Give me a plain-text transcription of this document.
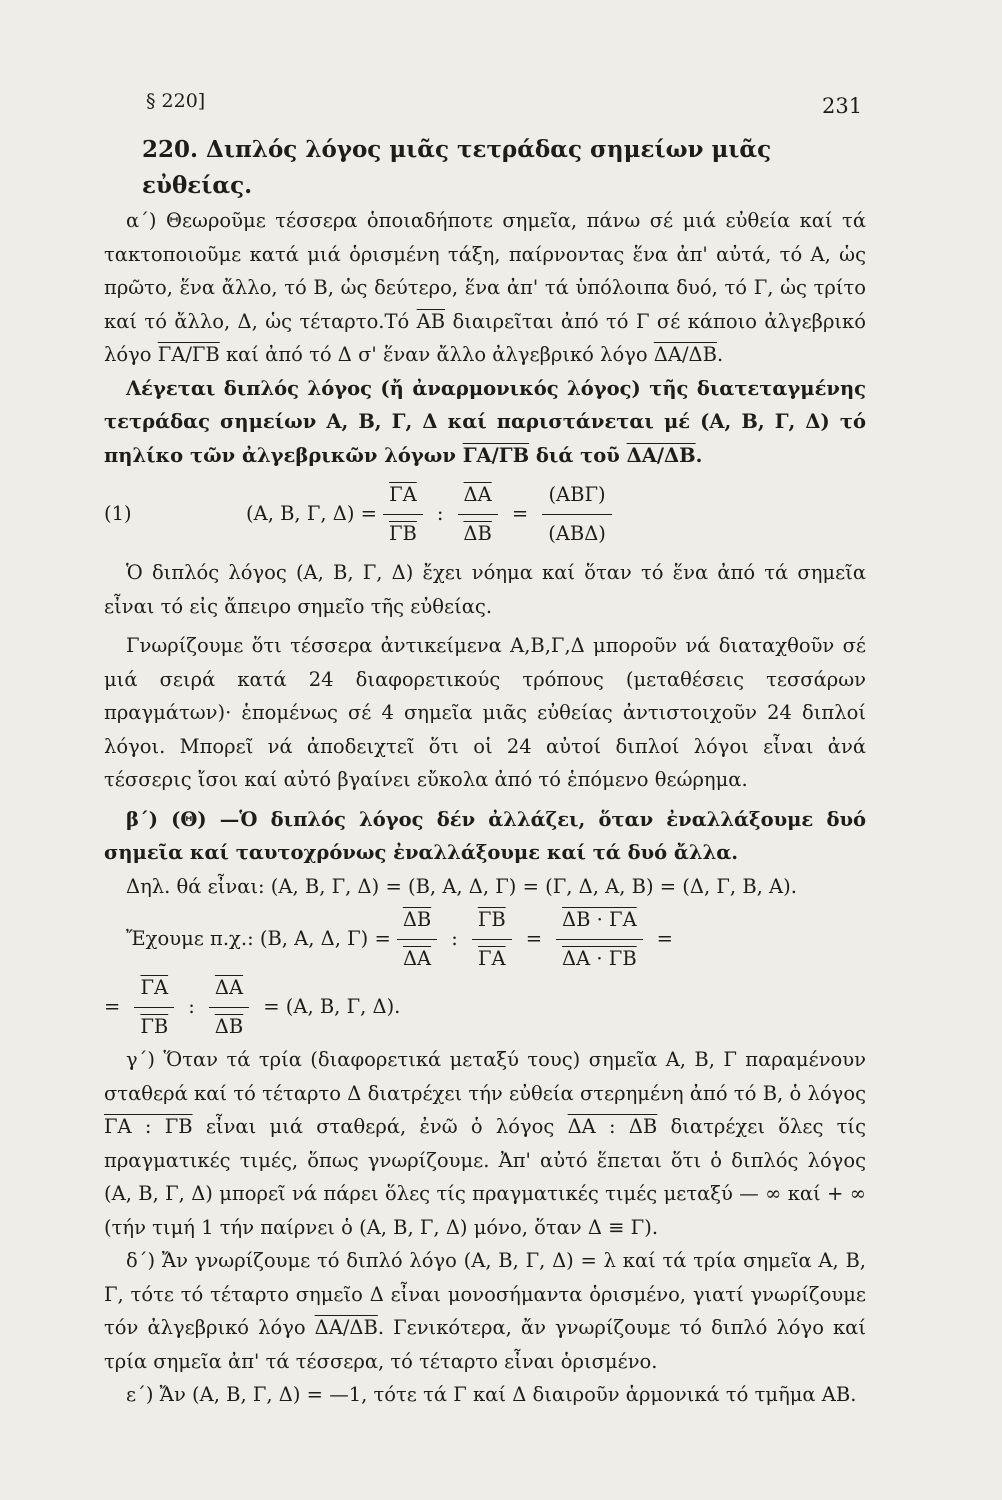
§ 220]	231
220. Διπλός λόγος μιᾶς τετράδας σημείων μιᾶς εὐθείας.

α΄) Θεωροῦμε τέσσερα ὁποιαδήποτε σημεῖα, πάνω σέ μιά εὐθεία καί τά τακτοποιοῦμε κατά μιά ὁρισμένη τάξη, παίρνοντας ἕνα ἀπ' αὐτά, τό Α, ὡς πρῶτο, ἕνα ἄλλο, τό Β, ὡς δεύτερο, ἕνα ἀπ' τά ὑπόλοιπα δυό, τό Γ, ὡς τρίτο καί τό ἄλλο, Δ, ὡς τέταρτο.Τό $\overline{AB}$ διαιρεῖται ἀπό τό Γ σέ κάποιο ἀλγεβρικό λόγο ΓΑ/ΓΒ καί ἀπό τό Δ σ' ἕναν ἄλλο ἀλγεβρικό λόγο ΔΑ/ΔΒ.

Λέγεται διπλός λόγος (ἤ ἀναρμονικός λόγος) τῆς διατεταγμένης τετράδας σημείων Α, Β, Γ, Δ καί παριστάνεται μέ (Α, Β, Γ, Δ) τό πηλίκο τῶν ἀλγεβρικῶν λόγων ΓΑ/ΓΒ διά τοῦ ΔΑ/ΔΒ.

(1)	(Α, Β, Γ, $\Delta) = \frac{\overline{\Gamma A}}{\Gamma B}$ : $\frac{\overline{\Delta A}}{\Delta B} = \frac{\text{(ΑΒΓ)}}{\text{(ΑΒΔ)}}$

Ὁ διπλός λόγος (Α, Β, Γ, Δ) ἔχει νόημα καί ὅταν τό ἕνα ἀπό τά σημεῖα εἶναι τό εἰς ἄπειρο σημεῖο τῆς εὐθείας.

Γνωρίζουμε ὅτι τέσσερα ἀντικείμενα Α,Β,Γ,Δ μποροῦν νά διαταχθοῦν σέ μιά σειρά κατά 24 διαφορετικούς τρόπους (μεταθέσεις τεσσάρων πραγμάτων)· ἑπομένως σέ 4 σημεῖα μιᾶς εὐθείας ἀντιστοιχοῦν 24 διπλοί λόγοι. Μπορεῖ νά ἀποδειχτεῖ ὅτι οἱ 24 αὐτοί διπλοί λόγοι εἶναι ἀνά τέσσερις ἴσοι καί αὐτό βγαίνει εὔκολα ἀπό τό ἑπόμενο θεώρημα.

β΄) (Θ) —Ὁ διπλός λόγος δέν ἀλλάζει, ὅταν ἐναλλάξουμε δυό σημεῖα καί ταυτοχρόνως ἐναλλάξουμε καί τά δυό ἄλλα.

Δηλ. θά εἶναι: (Α, Β, Γ, Δ) = (Β, Α, Δ, Γ) = (Γ, Δ, Α, Β) = (Δ, Γ, Β, Α).

Ἔχουμε π.χ.: (Β, Α, Δ, $\Gamma) = \frac{\overline{\Delta B}}{\Delta A}$ : $\frac{\overline{\Gamma B}}{\Gamma A} = \frac{\Delta B \cdot \Gamma A}{\Delta A \cdot \Gamma B}$ =
= $\frac{\overline{\Gamma A}}{\Gamma B}$ : $\frac{\overline{\Delta A}}{\Delta B} = (A$, Β, Γ, Δ).

γ΄) Ὅταν τά τρία (διαφορετικά μεταξύ τους) σημεῖα Α, Β, Γ παραμένουν σταθερά καί τό τέταρτο Δ διατρέχει τήν εὐθεία στερημένη ἀπό τό Β, ὁ λόγος ΓΑ : ΓΒ εἶναι μιά σταθερά, ἐνῶ ὁ λόγος ΔΑ : ΔΒ διατρέχει ὅλες τίς πραγματικές τιμές, ὅπως γνωρίζουμε. Ἀπ' αὐτό ἕπεται ὅτι ὁ διπλός λόγος (Α, Β, Γ, Δ) μπορεῖ νά πάρει ὅλες τίς πραγματικές τιμές μεταξύ — ∞ καί + ∞ (τήν τιμή 1 τήν παίρνει ὁ (Α, Β, Γ, Δ) μόνο, ὅταν Δ ≡ Γ).

δ΄) Ἄν γνωρίζουμε τό διπλό λόγο (Α, Β, Γ, Δ) = λ καί τά τρία σημεῖα Α, Β, Γ, τότε τό τέταρτο σημεῖο Δ εἶναι μονοσήμαντα ὁρισμένο, γιατί γνωρίζουμε τόν ἀλγεβρικό λόγο ΔΑ/ΔΒ. Γενικότερα, ἄν γνωρίζουμε τό διπλό λόγο καί τρία σημεῖα ἀπ' τά τέσσερα, τό τέταρτο εἶναι ὁρισμένο.

ε΄) Ἄν (Α, Β, Γ, Δ) = —1, τότε τά Γ καί Δ διαιροῦν ἁρμονικά τό τμῆμα ΑΒ.
